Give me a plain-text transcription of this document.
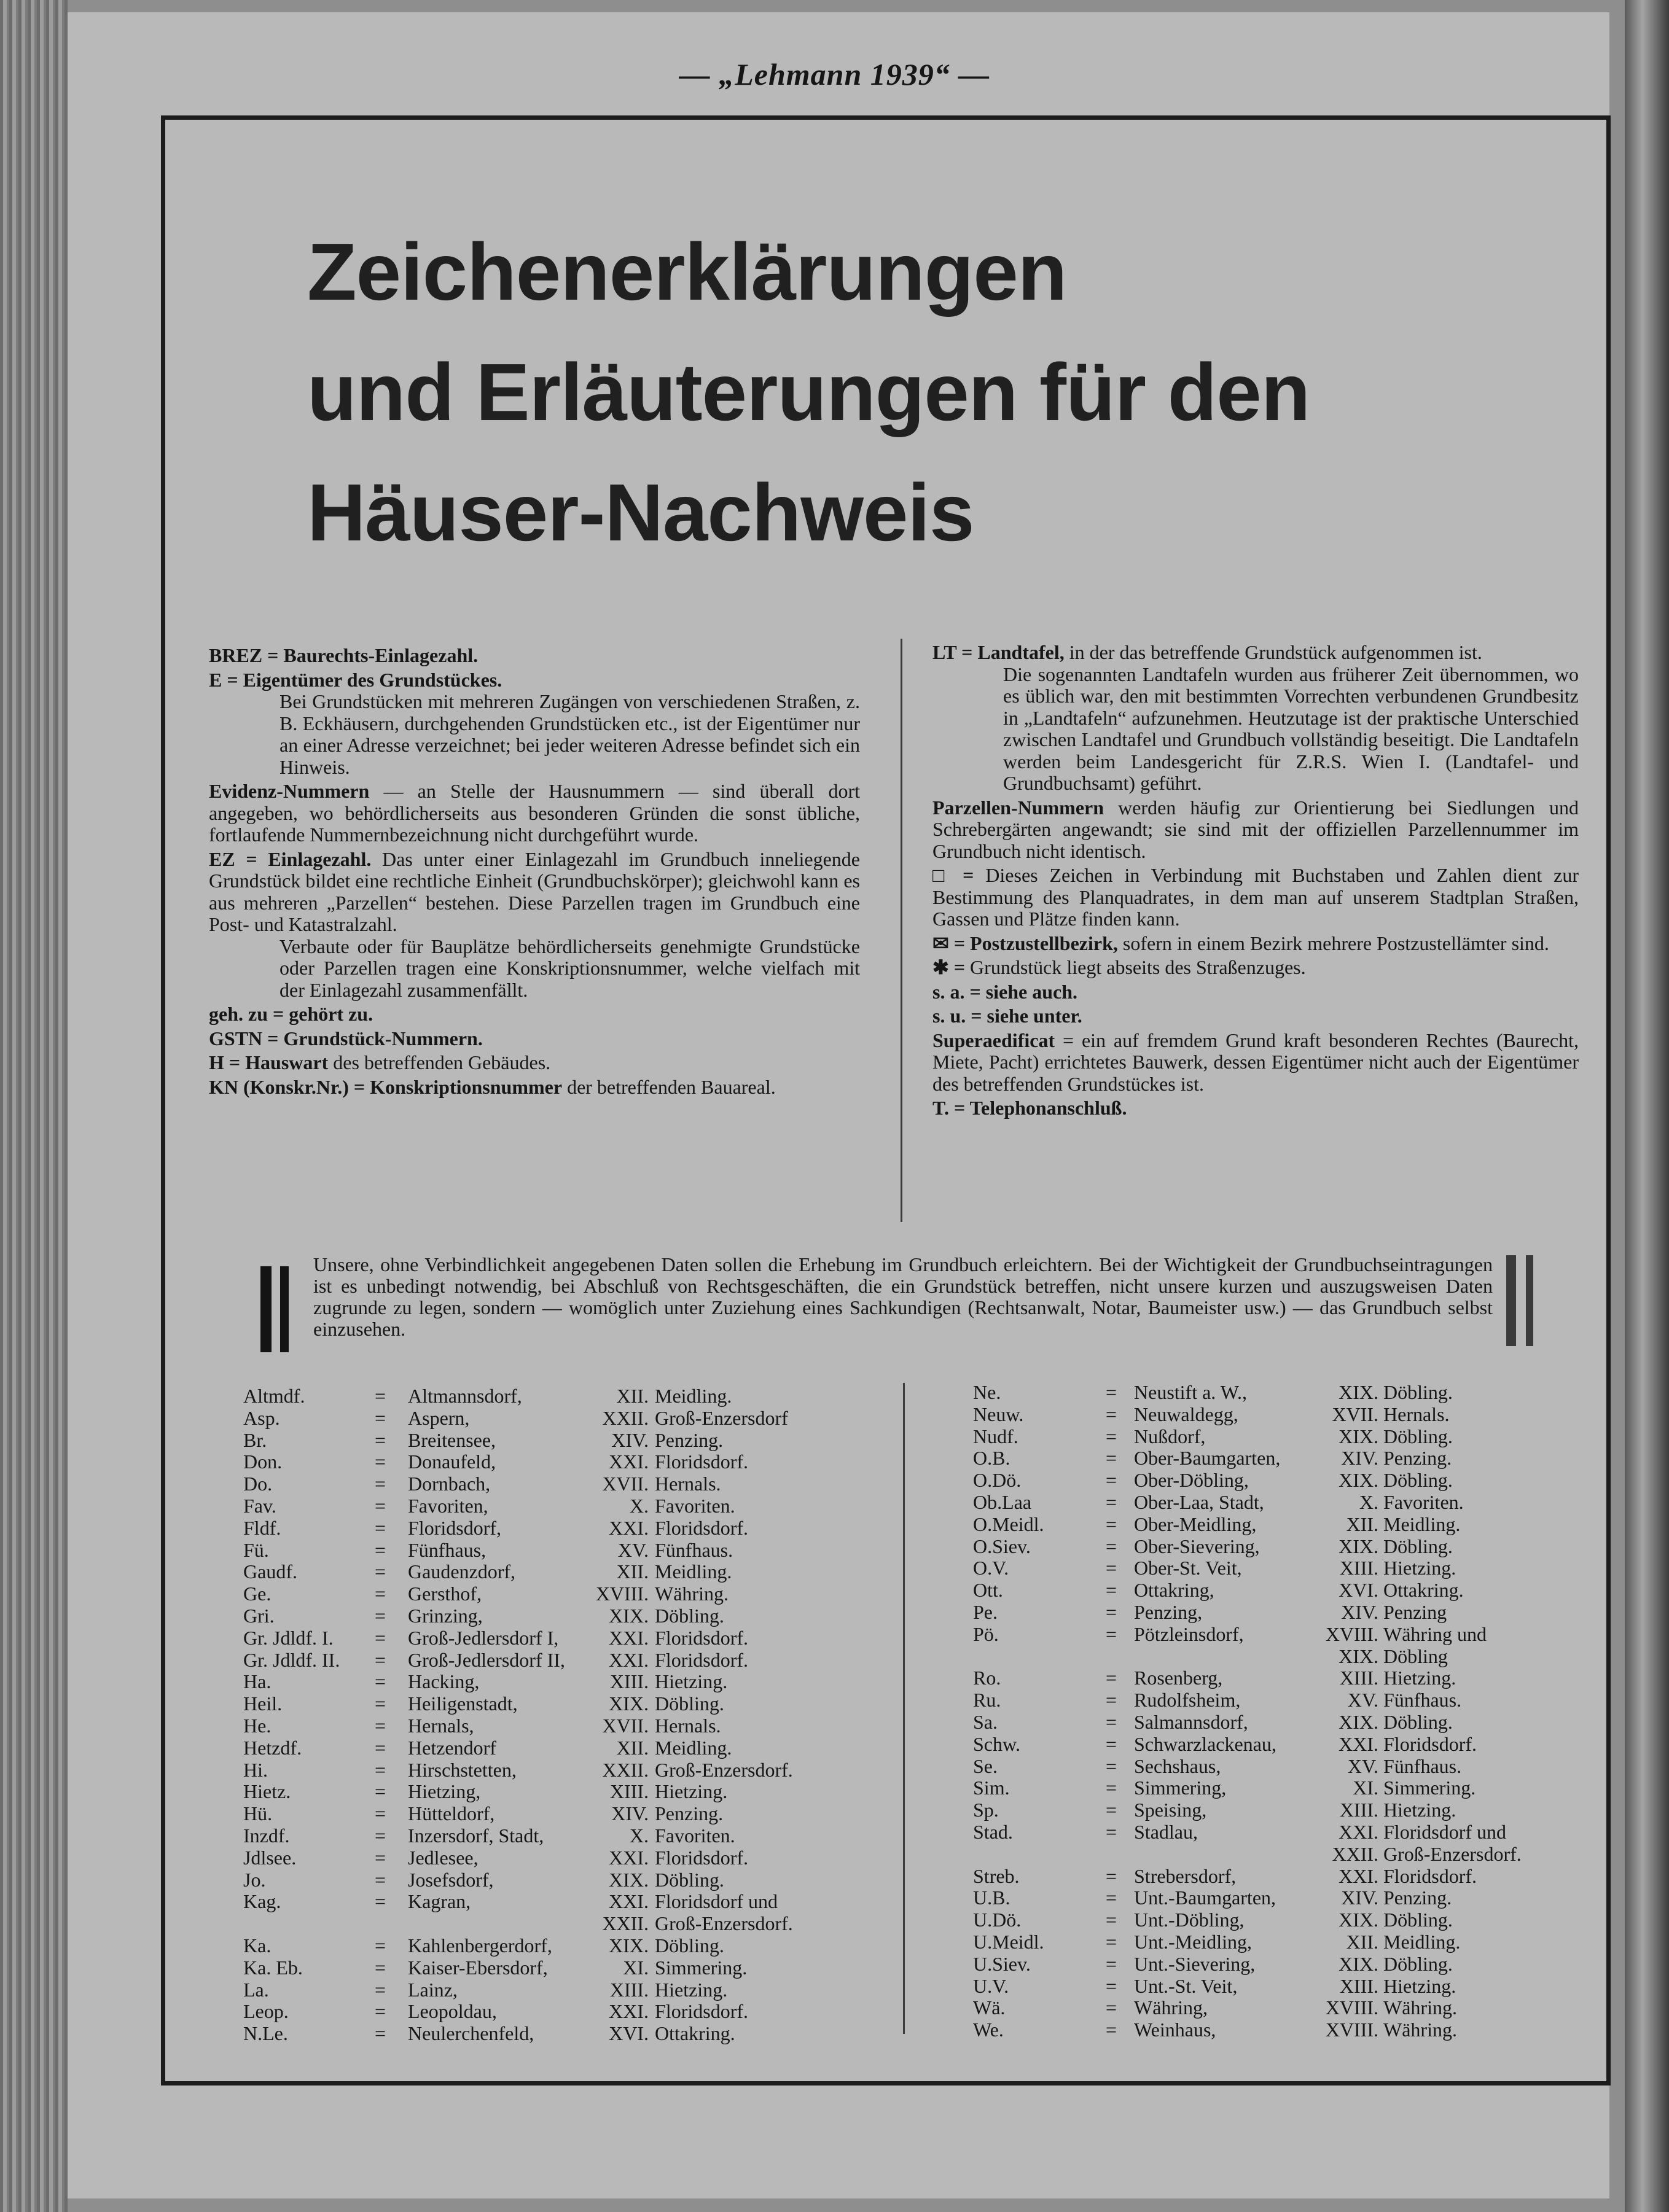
— „Lehmann 1939“ —
Zeichenerklärungen
und Erläuterungen für den
Häuser-Nachweis
BREZ = Baurechts-Einlagezahl.
E = Eigentümer des Grundstückes.
Bei Grundstücken mit mehreren Zugängen von verschiedenen Straßen, z. B. Eckhäusern, durchgehenden Grundstücken etc., ist der Eigentümer nur an einer Adresse verzeichnet; bei jeder weiteren Adresse befindet sich ein Hinweis.
Evidenz-Nummern — an Stelle der Hausnummern — sind überall dort angegeben, wo behördlicherseits aus besonderen Gründen die sonst übliche, fortlaufende Nummernbezeichnung nicht durchgeführt wurde.
EZ = Einlagezahl. Das unter einer Einlagezahl im Grundbuch inneliegende Grundstück bildet eine rechtliche Einheit (Grundbuchskörper); gleichwohl kann es aus mehreren „Parzellen“ bestehen. Diese Parzellen tragen im Grundbuch eine Post- und Katastralzahl.
Verbaute oder für Bauplätze behördlicherseits genehmigte Grundstücke oder Parzellen tragen eine Konskriptionsnummer, welche vielfach mit der Einlagezahl zusammenfällt.
geh. zu = gehört zu.
GSTN = Grundstück-Nummern.
H = Hauswart des betreffenden Gebäudes.
KN (Konskr.Nr.) = Konskriptionsnummer der betreffenden Bauareal.
LT = Landtafel, in der das betreffende Grundstück aufgenommen ist.
Die sogenannten Landtafeln wurden aus früherer Zeit übernommen, wo es üblich war, den mit bestimmten Vorrechten verbundenen Grundbesitz in „Landtafeln“ aufzunehmen. Heutzutage ist der praktische Unterschied zwischen Landtafel und Grundbuch vollständig beseitigt. Die Landtafeln werden beim Landesgericht für Z.R.S. Wien I. (Landtafel- und Grundbuchsamt) geführt.
Parzellen-Nummern werden häufig zur Orientierung bei Siedlungen und Schrebergärten angewandt; sie sind mit der offiziellen Parzellennummer im Grundbuch nicht identisch.
□ = Dieses Zeichen in Verbindung mit Buchstaben und Zahlen dient zur Bestimmung des Planquadrates, in dem man auf unserem Stadtplan Straßen, Gassen und Plätze finden kann.
✉ = Postzustellbezirk, sofern in einem Bezirk mehrere Postzustellämter sind.
✱ = Grundstück liegt abseits des Straßenzuges.
s. a. = siehe auch.
s. u. = siehe unter.
Superaedificat = ein auf fremdem Grund kraft besonderen Rechtes (Baurecht, Miete, Pacht) errichtetes Bauwerk, dessen Eigentümer nicht auch der Eigentümer des betreffenden Grundstückes ist.
T. = Telephonanschluß.
Unsere, ohne Verbindlichkeit angegebenen Daten sollen die Erhebung im Grundbuch erleichtern. Bei der Wichtigkeit der Grundbuchseintragungen ist es unbedingt notwendig, bei Abschluß von Rechtsgeschäften, die ein Grundstück betreffen, nicht unsere kurzen und auszugsweisen Daten zugrunde zu legen, sondern — womöglich unter Zuziehung eines Sachkundigen (Rechtsanwalt, Notar, Baumeister usw.) — das Grundbuch selbst einzusehen.
Altmdf.	= Altmannsdorf,	XII. Meidling.
Asp.	= Aspern,	XXII. Groß-Enzersdorf
Br.	= Breitensee,	XIV. Penzing.
Don.	= Donaufeld,	XXI. Floridsdorf.
Do.	= Dornbach,	XVII. Hernals.
Fav.	= Favoriten,	X. Favoriten.
Fldf.	= Floridsdorf,	XXI. Floridsdorf.
Fü.	= Fünfhaus,	XV. Fünfhaus.
Gaudf.	= Gaudenzdorf,	XII. Meidling.
Ge.	= Gersthof,	XVIII. Währing.
Gri.	= Grinzing,	XIX. Döbling.
Gr. Jdldf. I. = Groß-Jedlersdorf I,	XXI. Floridsdorf.
Gr. Jdldf. II. = Groß-Jedlersdorf II,	XXI. Floridsdorf.
Ha.	= Hacking,	XIII. Hietzing.
Heil.	= Heiligenstadt,	XIX. Döbling.
He.	= Hernals,	XVII. Hernals.
Hetzdf.	= Hetzendorf	XII. Meidling.
Hi.	= Hirschstetten,	XXII. Groß-Enzersdorf.
Hietz.	= Hietzing,	XIII. Hietzing.
Hü.	= Hütteldorf,	XIV. Penzing.
Inzdf.	= Inzersdorf, Stadt,	X. Favoriten.
Jdlsee.	= Jedlesee,	XXI. Floridsdorf.
Jo.	= Josefsdorf,	XIX. Döbling.
Kag.	= Kagran,	XXI. Floridsdorf und
XXII. Groß-Enzersdorf.
Ka.	= Kahlenbergerdorf,	XIX. Döbling.
Ka. Eb.	= Kaiser-Ebersdorf,	XI. Simmering.
La.	= Lainz,	XIII. Hietzing.
Leop.	= Leopoldau,	XXI. Floridsdorf.
N.Le.	= Neulerchenfeld,	XVI. Ottakring.
Ne.	= Neustift a. W.,	XIX. Döbling.
Neuw.	= Neuwaldegg,	XVII. Hernals.
Nudf.	= Nußdorf,	XIX. Döbling.
O.B.	= Ober-Baumgarten,	XIV. Penzing.
O.Dö.	= Ober-Döbling,	XIX. Döbling.
Ob.Laa	= Ober-Laa, Stadt,	X. Favoriten.
O.Meidl.	= Ober-Meidling,	XII. Meidling.
O.Siev.	= Ober-Sievering,	XIX. Döbling.
O.V.	= Ober-St. Veit,	XIII. Hietzing.
Ott.	= Ottakring,	XVI. Ottakring.
Pe.	= Penzing,	XIV. Penzing
Pö.	= Pötzleinsdorf,	XVIII. Währing und
XIX. Döbling
Ro.	= Rosenberg,	XIII. Hietzing.
Ru.	= Rudolfsheim,	XV. Fünfhaus.
Sa.	= Salmannsdorf,	XIX. Döbling.
Schw.	= Schwarzlackenau,	XXI. Floridsdorf.
Se.	= Sechshaus,	XV. Fünfhaus.
Sim.	= Simmering,	XI. Simmering.
Sp.	= Speising,	XIII. Hietzing.
Stad.	= Stadlau,	XXI. Floridsdorf und
XXII. Groß-Enzersdorf.
Streb.	= Strebersdorf,	XXI. Floridsdorf.
U.B.	= Unt.-Baumgarten,	XIV. Penzing.
U.Dö.	= Unt.-Döbling,	XIX. Döbling.
U.Meidl.	= Unt.-Meidling,	XII. Meidling.
U.Siev.	= Unt.-Sievering,	XIX. Döbling.
U.V.	= Unt.-St. Veit,	XIII. Hietzing.
Wä.	= Währing,	XVIII. Währing.
We.	= Weinhaus,	XVIII. Währing.
